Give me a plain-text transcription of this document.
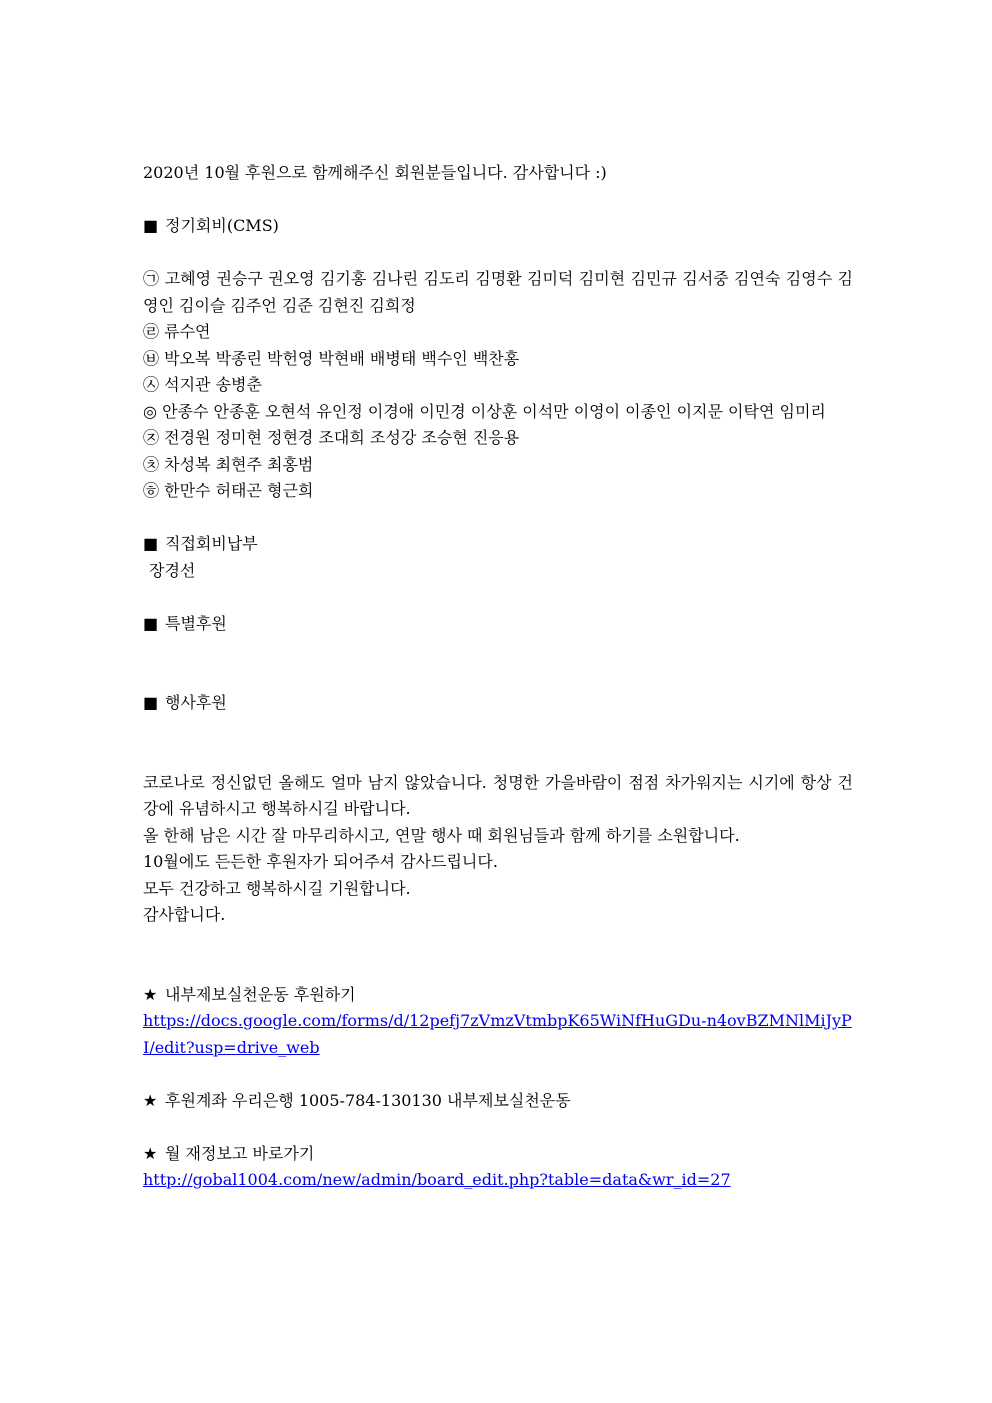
2020년 10월 후원으로 함께해주신 회원분들입니다. 감사합니다 :)
■ 정기회비(CMS)
㉠ 고혜영 권승구 권오영 김기홍 김나린 김도리 김명환 김미덕 김미현 김민규 김서중 김연숙 김영수 김영인 김이슬 김주언 김준 김현진 김희정
㉣ 류수연
㉥ 박오복 박종린 박헌영 박현배 배병태 백수인 백찬홍
㉦ 석지관 송병춘
◎ 안종수 안종훈 오현석 유인정 이경애 이민경 이상훈 이석만 이영이 이종인 이지문 이탁연 임미리
㉨ 전경원 정미현 정현경 조대희 조성강 조승현 진응용
㉩ 차성복 최현주 최홍범
㉭ 한만수 허태곤 형근희
■ 직접회비납부
장경선
■ 특별후원
■ 행사후원
코로나로 정신없던 올해도 얼마 남지 않았습니다. 청명한 가을바람이 점점 차가워지는 시기에 항상 건강에 유념하시고 행복하시길 바랍니다.
올 한해 남은 시간 잘 마무리하시고, 연말 행사 때 회원님들과 함께 하기를 소원합니다.
10월에도 든든한 후원자가 되어주셔 감사드립니다.
모두 건강하고 행복하시길 기원합니다.
감사합니다.
★ 내부제보실천운동 후원하기
https://docs.google.com/forms/d/12pefj7zVmzVtmbpK65WiNfHuGDu-n4ovBZMNlMiJyPI/edit?usp=drive_web
★ 후원계좌 우리은행 1005-784-130130 내부제보실천운동
★ 월 재정보고 바로가기
http://gobal1004.com/new/admin/board_edit.php?table=data&wr_id=27
